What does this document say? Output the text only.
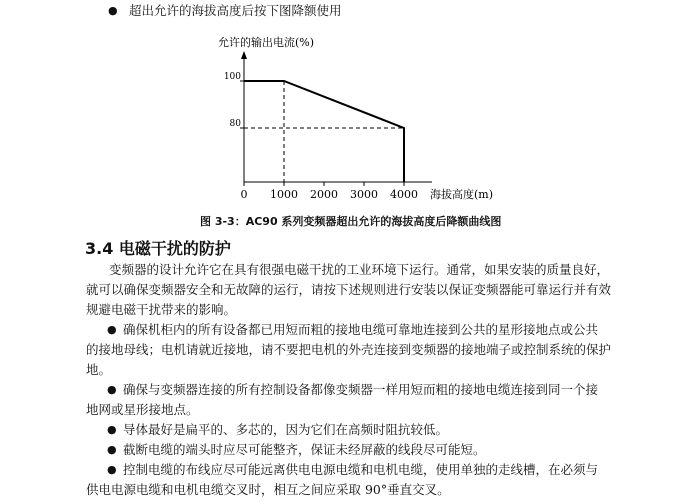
● 超出允许的海拔高度后按下图降额使用
允许的输出电流(%)
0 1000 2000 3000 4000
100
80
海拔高度(m)
图 3-3：AC90 系列变频器超出允许的海拔高度后降额曲线图
3.4 电磁干扰的防护
变频器的设计允许它在具有很强电磁干扰的工业环境下运行。通常，如果安装的质量良好，
就可以确保变频器安全和无故障的运行，请按下述规则进行安装以保证变频器能可靠运行并有效
规避电磁干扰带来的影响。
● 确保机柜内的所有设备都已用短而粗的接地电缆可靠地连接到公共的星形接地点或公共
的接地母线；电机请就近接地，请不要把电机的外壳连接到变频器的接地端子或控制系统的保护
地。
● 确保与变频器连接的所有控制设备都像变频器一样用短而粗的接地电缆连接到同一个接
地网或星形接地点。
● 导体最好是扁平的、多芯的，因为它们在高频时阻抗较低。
● 截断电缆的端头时应尽可能整齐，保证未经屏蔽的线段尽可能短。
● 控制电缆的布线应尽可能远离供电电源电缆和电机电缆，使用单独的走线槽，在必须与
供电电源电缆和电机电缆交叉时，相互之间应采取 90°垂直交叉。
